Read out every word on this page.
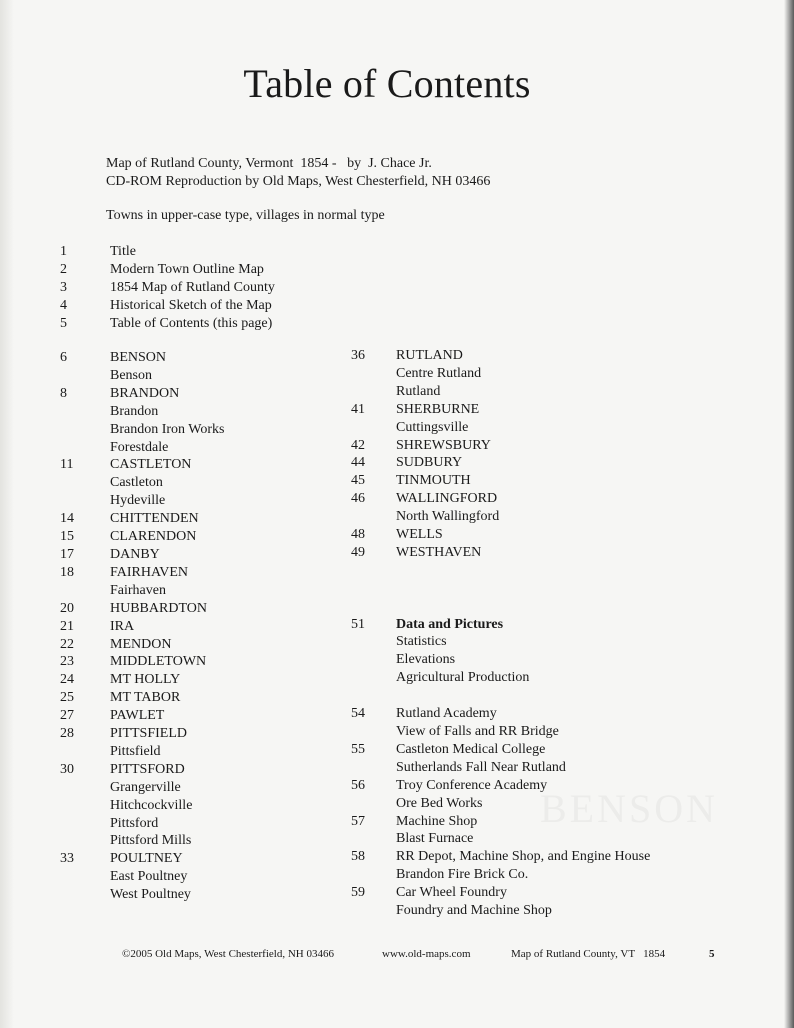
Table of Contents
Map of Rutland County, Vermont  1854 -   by  J. Chace Jr.
CD-ROM Reproduction by Old Maps, West Chesterfield, NH 03466
Towns in upper-case type, villages in normal type
1	Title
2	Modern Town Outline Map
3	1854 Map of Rutland County
4	Historical Sketch of the Map
5	Table of Contents (this page)
6	BENSON
Benson
8	BRANDON
Brandon
Brandon Iron Works
Forestdale
11	CASTLETON
Castleton
Hydeville
14	CHITTENDEN
15	CLARENDON
17	DANBY
18	FAIRHAVEN
Fairhaven
20	HUBBARDTON
21	IRA
22	MENDON
23	MIDDLETOWN
24	MT HOLLY
25	MT TABOR
27	PAWLET
28	PITTSFIELD
Pittsfield
30	PITTSFORD
Grangerville
Hitchcockville
Pittsford
Pittsford Mills
33	POULTNEY
East Poultney
West Poultney
36	RUTLAND
Centre Rutland
Rutland
41	SHERBURNE
Cuttingsville
42	SHREWSBURY
44	SUDBURY
45	TINMOUTH
46	WALLINGFORD
North Wallingford
48	WELLS
49	WESTHAVEN
51	Data and Pictures
Statistics
Elevations
Agricultural Production
54	Rutland Academy
View of Falls and RR Bridge
55	Castleton Medical College
Sutherlands Fall Near Rutland
56	Troy Conference Academy
Ore Bed Works
57	Machine Shop
Blast Furnace
58	RR Depot, Machine Shop, and Engine House
Brandon Fire Brick Co.
59	Car Wheel Foundry
Foundry and Machine Shop
BENSON
©2005 Old Maps, West Chesterfield, NH 03466	www.old-maps.com	Map of Rutland County, VT   1854	5
